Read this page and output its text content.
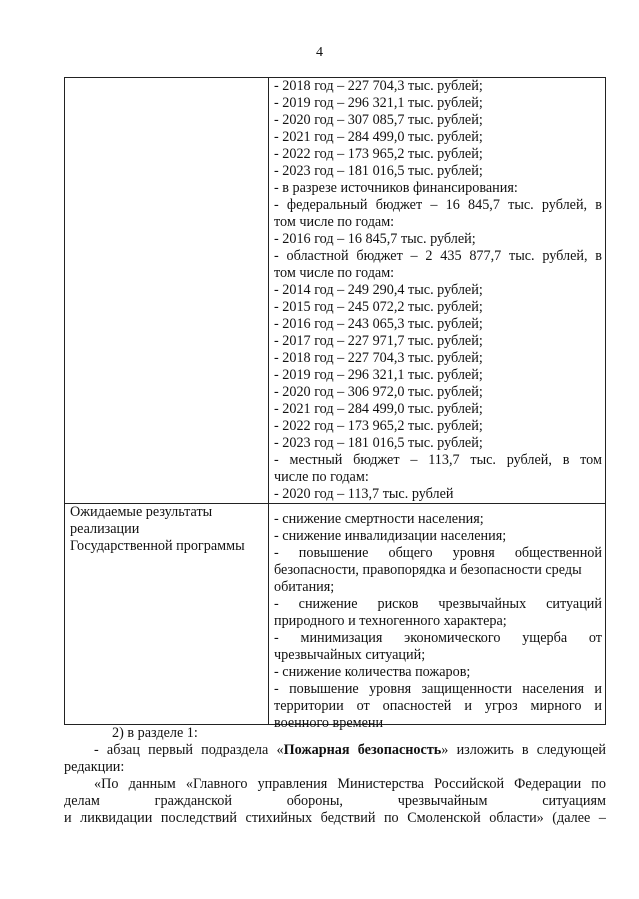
4
- 2018 год – 227 704,3 тыс. рублей;
- 2019 год – 296 321,1 тыс. рублей;
- 2020 год – 307 085,7 тыс. рублей;
- 2021 год – 284 499,0 тыс. рублей;
- 2022 год – 173 965,2 тыс. рублей;
- 2023 год – 181 016,5 тыс. рублей;
- в разрезе источников финансирования:
- федеральный бюджет – 16 845,7 тыс. рублей, в
том числе по годам:
- 2016 год – 16 845,7 тыс. рублей;
- областной бюджет – 2 435 877,7 тыс. рублей, в
том числе по годам:
- 2014 год – 249 290,4 тыс. рублей;
- 2015 год – 245 072,2 тыс. рублей;
- 2016 год – 243 065,3 тыс. рублей;
- 2017 год – 227 971,7 тыс. рублей;
- 2018 год – 227 704,3 тыс. рублей;
- 2019 год – 296 321,1 тыс. рублей;
- 2020 год – 306 972,0 тыс. рублей;
- 2021 год – 284 499,0 тыс. рублей;
- 2022 год – 173 965,2 тыс. рублей;
- 2023 год – 181 016,5 тыс. рублей;
- местный бюджет – 113,7 тыс. рублей, в том
числе по годам:
- 2020 год – 113,7 тыс. рублей
- снижение смертности населения;
- снижение инвалидизации населения;
- повышение общего уровня общественной
безопасности, правопорядка и безопасности среды
обитания;
- снижение рисков чрезвычайных ситуаций
природного и техногенного характера;
- минимизация экономического ущерба от
чрезвычайных ситуаций;
- снижение количества пожаров;
- повышение уровня защищенности населения и
территории от опасностей и угроз мирного и
военного времени
Ожидаемые результаты
реализации
Государственной программы
2) в разделе 1:
- абзац первый подраздела «Пожарная безопасность» изложить в следующей
редакции:
«По данным «Главного управления Министерства Российской Федерации по
делам гражданской обороны, чрезвычайным ситуациям
и ликвидации последствий стихийных бедствий по Смоленской области» (далее –
